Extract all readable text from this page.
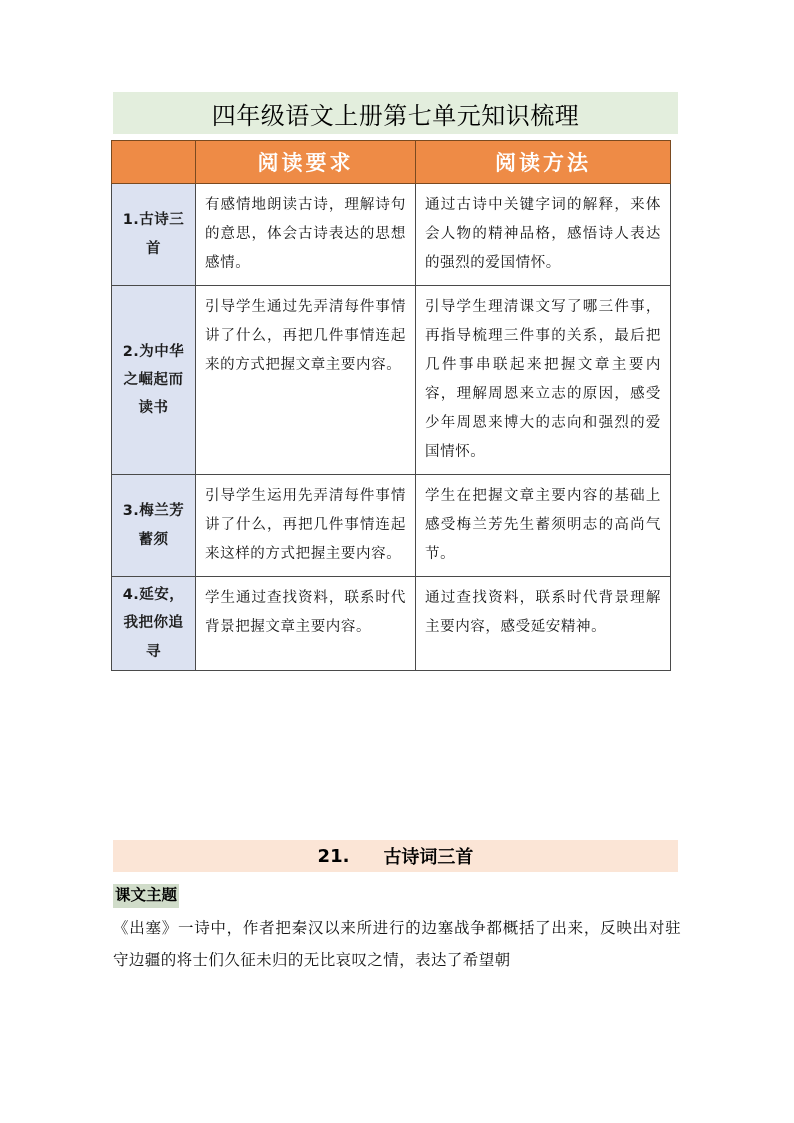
四年级语文上册第七单元知识梳理
	阅读要求	阅读方法
1.古诗三首	有感情地朗读古诗，理解诗句的意思，体会古诗表达的思想感情。	通过古诗中关键字词的解释，来体会人物的精神品格，感悟诗人表达的强烈的爱国情怀。
2.为中华之崛起而读书	引导学生通过先弄清每件事情讲了什么，再把几件事情连起来的方式把握文章主要内容。	引导学生理清课文写了哪三件事，再指导梳理三件事的关系，最后把几件事串联起来把握文章主要内容，理解周恩来立志的原因，感受少年周恩来博大的志向和强烈的爱国情怀。
3.梅兰芳蓄须	引导学生运用先弄清每件事情讲了什么，再把几件事情连起来这样的方式把握主要内容。	学生在把握文章主要内容的基础上感受梅兰芳先生蓄须明志的高尚气节。
4.延安，我把你追寻	学生通过查找资料，联系时代背景把握文章主要内容。	通过查找资料，联系时代背景理解主要内容，感受延安精神。
21. 古诗词三首
课文主题
《出塞》一诗中，作者把秦汉以来所进行的边塞战争都概括了出来，反映出对驻守边疆的将士们久征未归的无比哀叹之情，表达了希望朝
